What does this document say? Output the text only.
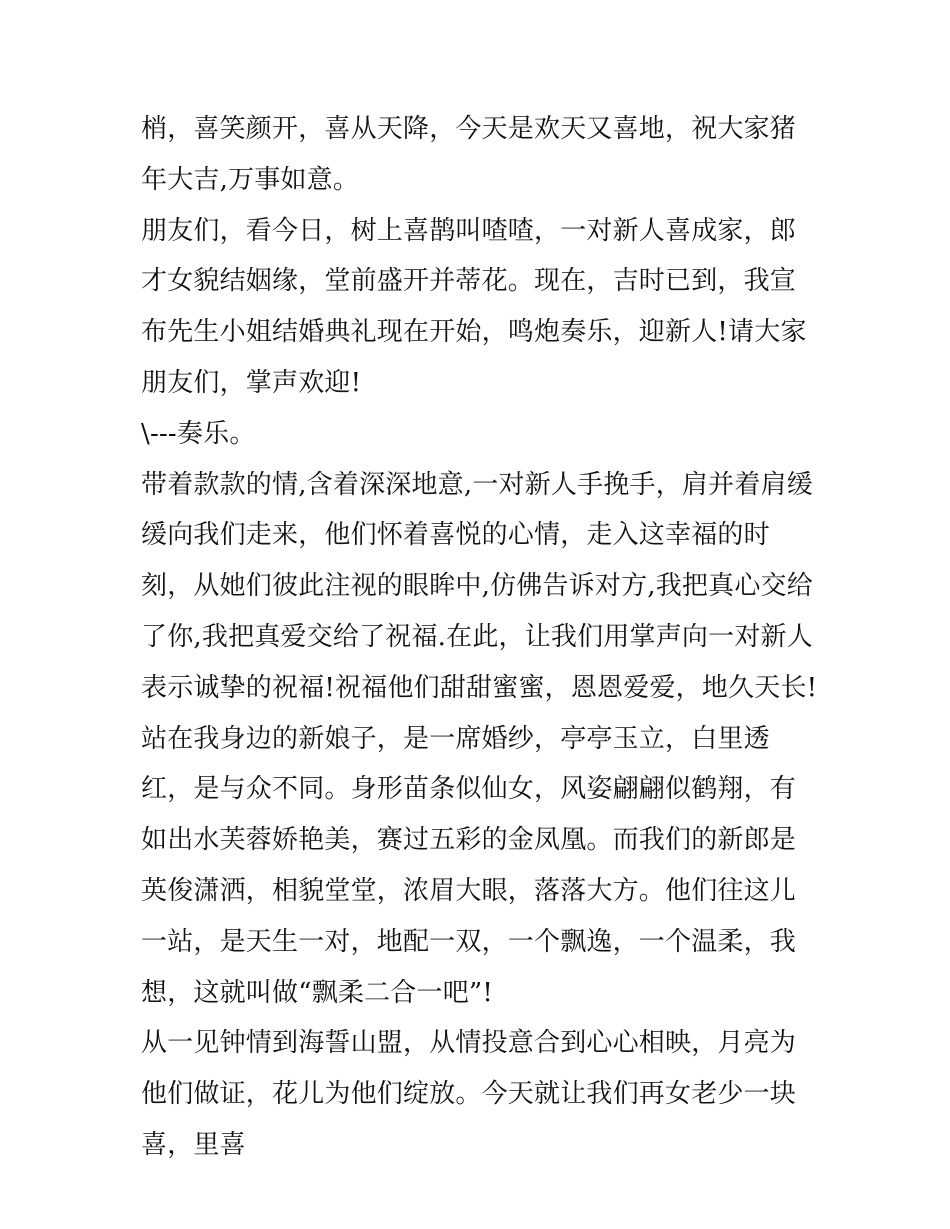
梢，喜笑颜开，喜从天降，今天是欢天又喜地，祝大家猪年大吉,万事如意。

朋友们，看今日，树上喜鹊叫喳喳，一对新人喜成家，郎才女貌结姻缘，堂前盛开并蒂花。现在，吉时已到，我宣布先生小姐结婚典礼现在开始，鸣炮奏乐，迎新人!请大家朋友们，掌声欢迎!

\---奏乐。

带着款款的情,含着深深地意,一对新人手挽手，肩并着肩缓缓向我们走来，他们怀着喜悦的心情，走入这幸福的时刻，从她们彼此注视的眼眸中,仿佛告诉对方,我把真心交给了你,我把真爱交给了祝福.在此，让我们用掌声向一对新人表示诚挚的祝福!祝福他们甜甜蜜蜜，恩恩爱爱，地久天长!

站在我身边的新娘子，是一席婚纱，亭亭玉立，白里透红，是与众不同。身形苗条似仙女，风姿翩翩似鹤翔，有如出水芙蓉娇艳美，赛过五彩的金凤凰。而我们的新郎是英俊潇洒，相貌堂堂，浓眉大眼，落落大方。他们往这儿一站，是天生一对，地配一双，一个飘逸，一个温柔，我想，这就叫做“飘柔二合一吧”!

从一见钟情到海誓山盟，从情投意合到心心相映，月亮为他们做证，花儿为他们绽放。今天就让我们再女老少一块喜，里喜
